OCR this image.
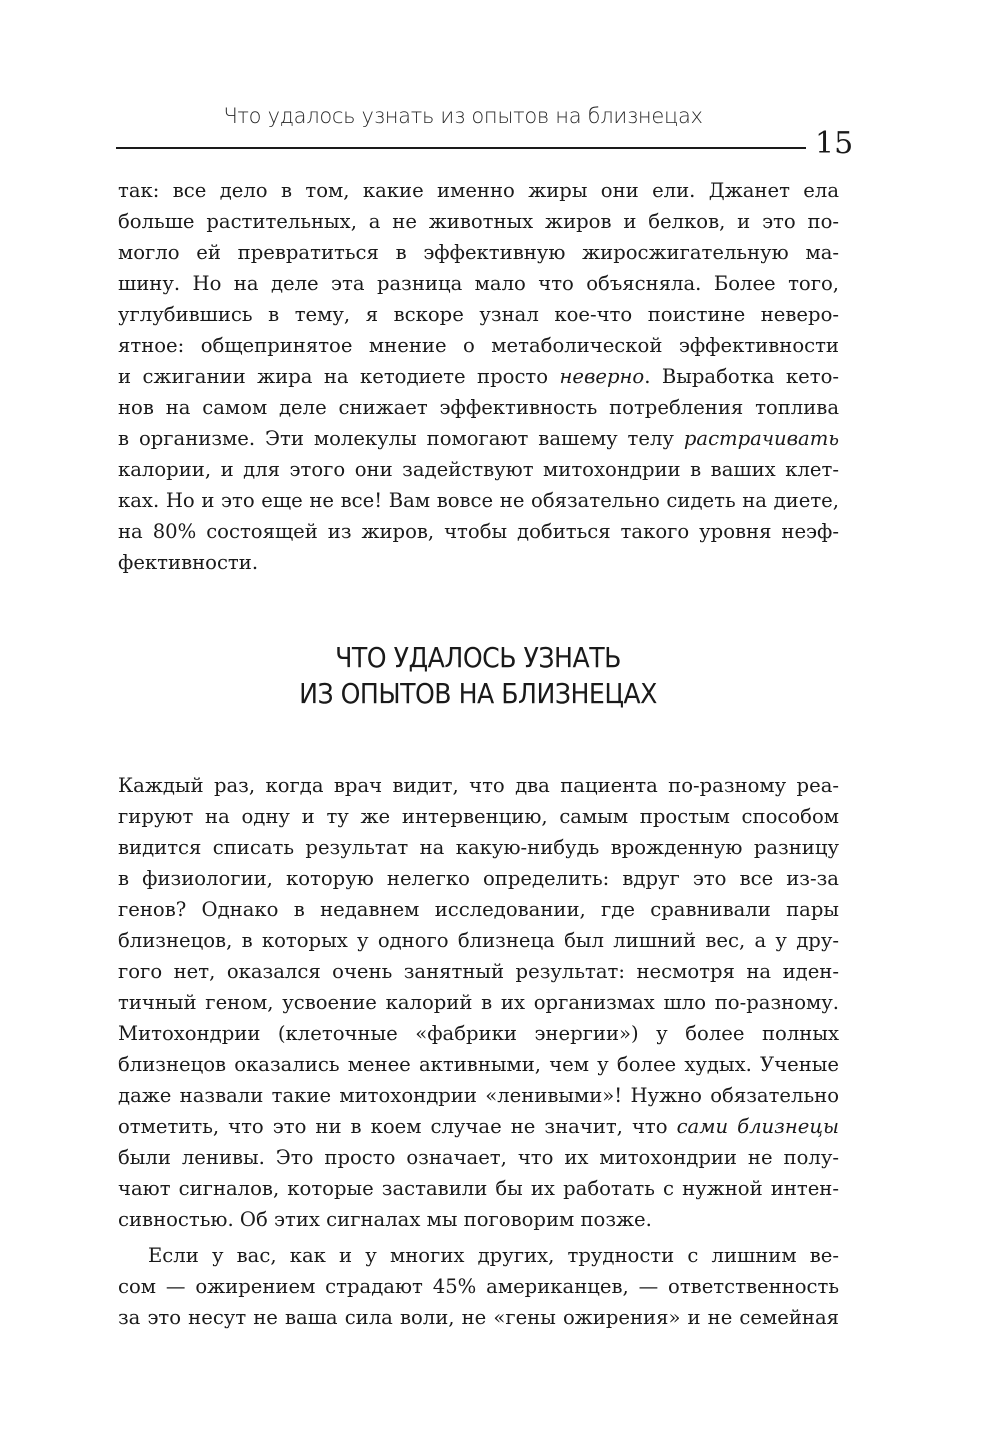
Что удалось узнать из опытов на близнецах
15
так: все дело в том, какие именно жиры они ели. Джанет ела
больше растительных, а не животных жиров и белков, и это по-
могло ей превратиться в эффективную жиросжигательную ма-
шину. Но на деле эта разница мало что объясняла. Более того,
углубившись в тему, я вскоре узнал кое-что поистине неверо-
ятное: общепринятое мнение о метаболической эффективности
и сжигании жира на кетодиете просто неверно. Выработка кето-
нов на самом деле снижает эффективность потребления топлива
в организме. Эти молекулы помогают вашему телу растрачивать
калории, и для этого они задействуют митохондрии в ваших клет-
ках. Но и это еще не все! Вам вовсе не обязательно сидеть на диете,
на 80% состоящей из жиров, чтобы добиться такого уровня неэф-
фективности.
ЧТО УДАЛОСЬ УЗНАТЬ
ИЗ ОПЫТОВ НА БЛИЗНЕЦАХ
Каждый раз, когда врач видит, что два пациента по-разному реа-
гируют на одну и ту же интервенцию, самым простым способом
видится списать результат на какую-нибудь врожденную разницу
в физиологии, которую нелегко определить: вдруг это все из-за
генов? Однако в недавнем исследовании, где сравнивали пары
близнецов, в которых у одного близнеца был лишний вес, а у дру-
гого нет, оказался очень занятный результат: несмотря на иден-
тичный геном, усвоение калорий в их организмах шло по-разному.
Митохондрии (клеточные «фабрики энергии») у более полных
близнецов оказались менее активными, чем у более худых. Ученые
даже назвали такие митохондрии «ленивыми»! Нужно обязательно
отметить, что это ни в коем случае не значит, что сами близнецы
были ленивы. Это просто означает, что их митохондрии не полу-
чают сигналов, которые заставили бы их работать с нужной интен-
сивностью. Об этих сигналах мы поговорим позже.
Если у вас, как и у многих других, трудности с лишним ве-
сом — ожирением страдают 45% американцев, — ответственность
за это несут не ваша сила воли, не «гены ожирения» и не семейная
